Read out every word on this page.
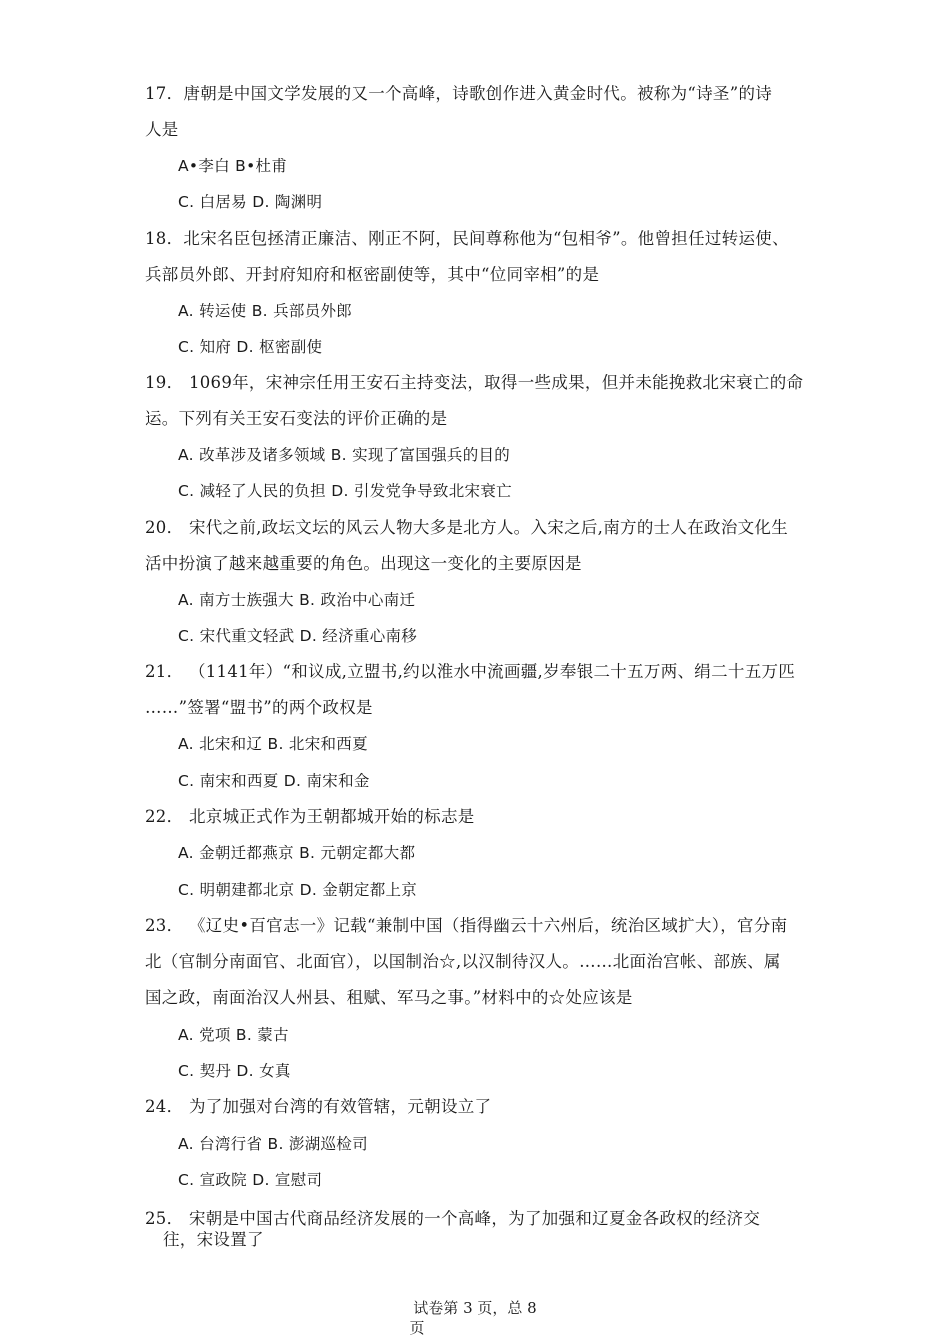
17．唐朝是中国文学发展的又一个高峰，诗歌创作进入黄金时代。被称为“诗圣”的诗
人是
A•李白 B•杜甫
C. 白居易 D. 陶渊明
18．北宋名臣包拯清正廉洁、刚正不阿，民间尊称他为“包相爷”。他曾担任过转运使、
兵部员外郎、开封府知府和枢密副使等，其中“位同宰相”的是
A. 转运使 B. 兵部员外郎
C. 知府 D. 枢密副使
19． 1069年，宋神宗任用王安石主持变法，取得一些成果，但并未能挽救北宋衰亡的命
运。下列有关王安石变法的评价正确的是
A. 改革涉及诸多领域 B. 实现了富国强兵的目的
C. 减轻了人民的负担 D. 引发党争导致北宋衰亡
20． 宋代之前,政坛文坛的风云人物大多是北方人。入宋之后,南方的士人在政治文化生
活中扮演了越来越重要的角色。出现这一变化的主要原因是
A. 南方士族强大 B. 政治中心南迁
C. 宋代重文轻武 D. 经济重心南移
21． （1141年）“和议成,立盟书,约以淮水中流画疆,岁奉银二十五万两、绢二十五万匹
……”签署“盟书”的两个政权是
A. 北宋和辽 B. 北宋和西夏
C. 南宋和西夏 D. 南宋和金
22． 北京城正式作为王朝都城开始的标志是
A. 金朝迁都燕京 B. 元朝定都大都
C. 明朝建都北京 D. 金朝定都上京
23． 《辽史•百官志一》记载“兼制中国（指得幽云十六州后，统治区域扩大），官分南
北（官制分南面官、北面官），以国制治☆,以汉制待汉人。……北面治宫帐、部族、属
国之政，南面治汉人州县、租赋、军马之事。”材料中的☆处应该是
A. 党项 B. 蒙古
C. 契丹 D. 女真
24． 为了加强对台湾的有效管辖，元朝设立了
A. 台湾行省 B. 澎湖巡检司
C. 宣政院 D. 宣慰司
25． 宋朝是中国古代商品经济发展的一个高峰，为了加强和辽夏金各政权的经济交
往，宋设置了
试卷第 3 页，总 8
页
